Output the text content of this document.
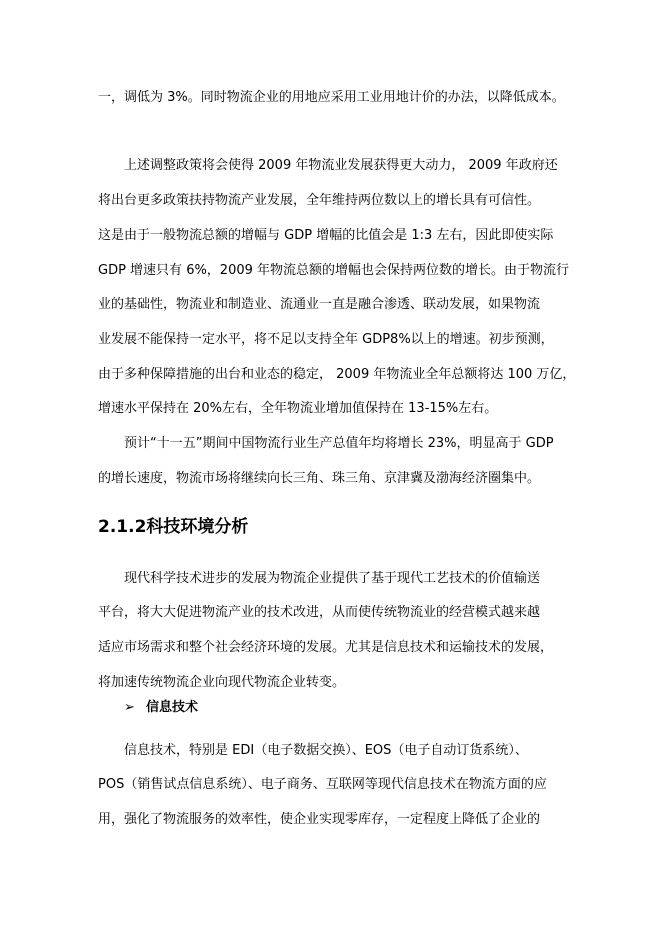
一，调低为 3%。同时物流企业的用地应采用工业用地计价的办法，以降低成本。

上述调整政策将会使得 2009 年物流业发展获得更大动力， 2009 年政府还

将出台更多政策扶持物流产业发展，全年维持两位数以上的增长具有可信性。

这是由于一般物流总额的增幅与 GDP 增幅的比值会是 1:3 左右，因此即使实际

GDP 增速只有 6%，2009 年物流总额的增幅也会保持两位数的增长。由于物流行

业的基础性，物流业和制造业、流通业一直是融合渗透、联动发展，如果物流

业发展不能保持一定水平，将不足以支持全年 GDP8%以上的增速。初步预测，

由于多种保障措施的出台和业态的稳定， 2009 年物流业全年总额将达 100 万亿，

增速水平保持在 20%左右，全年物流业增加值保持在 13-15%左右。

预计“十一五”期间中国物流行业生产总值年均将增长 23%，明显高于 GDP

的增长速度，物流市场将继续向长三角、珠三角、京津冀及渤海经济圈集中。

2.1.2科技环境分析

现代科学技术进步的发展为物流企业提供了基于现代工艺技术的价值输送

平台，将大大促进物流产业的技术改进，从而使传统物流业的经营模式越来越

适应市场需求和整个社会经济环境的发展。尤其是信息技术和运输技术的发展，

将加速传统物流企业向现代物流企业转变。

➢ 信息技术

信息技术，特别是 EDI（电子数据交换）、EOS（电子自动订货系统）、

POS（销售试点信息系统）、电子商务、互联网等现代信息技术在物流方面的应

用，强化了物流服务的效率性，使企业实现零库存，一定程度上降低了企业的
